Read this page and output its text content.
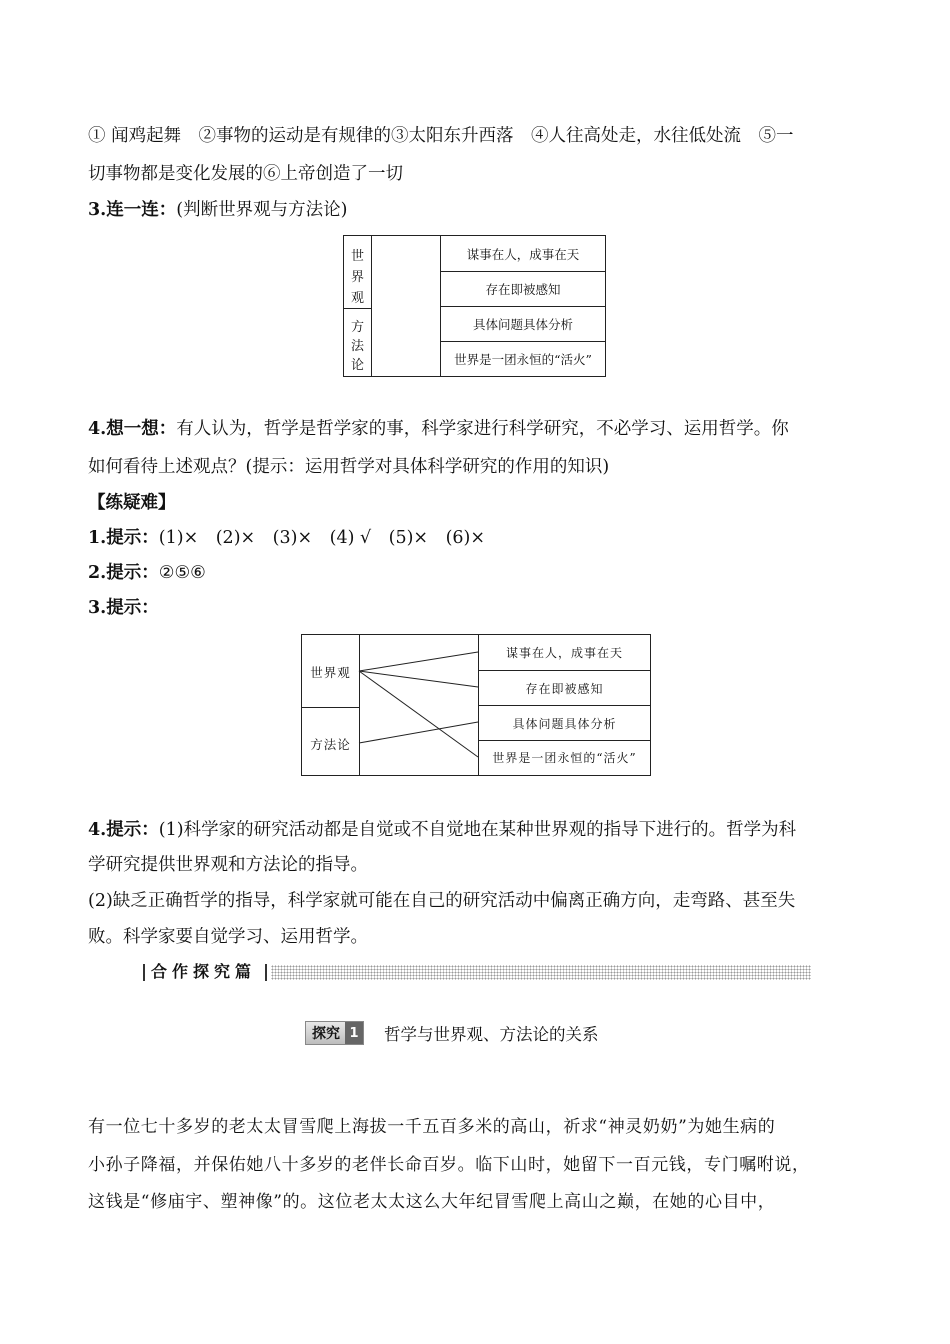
① 闻鸡起舞　②事物的运动是有规律的③太阳东升西落　④人往高处走，水往低处流　⑤一
切事物都是变化发展的⑥上帝创造了一切
3.连一连：(判断世界观与方法论)
世界观
方法论
谋事在人，成事在天
存在即被感知
具体问题具体分析
世界是一团永恒的“活火”
4.想一想：有人认为，哲学是哲学家的事，科学家进行科学研究，不必学习、运用哲学。你
如何看待上述观点？(提示：运用哲学对具体科学研究的作用的知识)
【练疑难】
1.提示：(1)×　(2)×　(3)×　(4) √　(5)×　(6)×
2.提示：②⑤⑥
3.提示：
世界观
方法论
谋事在人，成事在天
存在即被感知
具体问题具体分析
世界是一团永恒的“活火”
4.提示：(1)科学家的研究活动都是自觉或不自觉地在某种世界观的指导下进行的。哲学为科
学研究提供世界观和方法论的指导。
(2)缺乏正确哲学的指导，科学家就可能在自己的研究活动中偏离正确方向，走弯路、甚至失
败。科学家要自觉学习、运用哲学。
合作探究篇
探究 1 哲学与世界观、方法论的关系
有一位七十多岁的老太太冒雪爬上海拔一千五百多米的高山，祈求“神灵奶奶”为她生病的
小孙子降福，并保佑她八十多岁的老伴长命百岁。临下山时，她留下一百元钱，专门嘱咐说，
这钱是“修庙宇、塑神像”的。这位老太太这么大年纪冒雪爬上高山之巅，在她的心目中，
